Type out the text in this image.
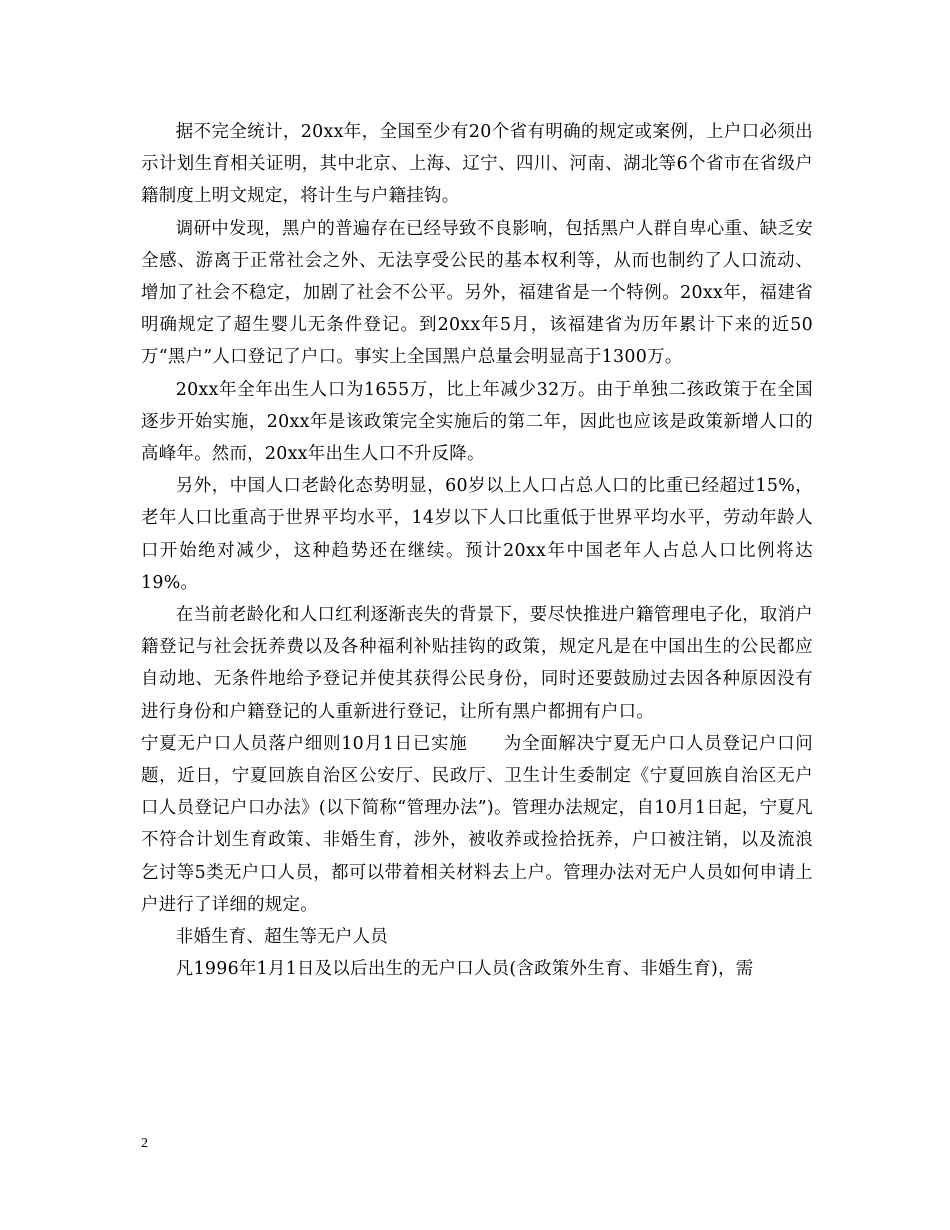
据不完全统计，20xx年，全国至少有20个省有明确的规定或案例，上户口必须出示计划生育相关证明，其中北京、上海、辽宁、四川、河南、湖北等6个省市在省级户籍制度上明文规定，将计生与户籍挂钩。

调研中发现，黑户的普遍存在已经导致不良影响，包括黑户人群自卑心重、缺乏安全感、游离于正常社会之外、无法享受公民的基本权利等，从而也制约了人口流动、增加了社会不稳定，加剧了社会不公平。另外，福建省是一个特例。20xx年，福建省明确规定了超生婴儿无条件登记。到20xx年5月，该福建省为历年累计下来的近50万“黑户”人口登记了户口。事实上全国黑户总量会明显高于1300万。

20xx年全年出生人口为1655万，比上年减少32万。由于单独二孩政策于在全国逐步开始实施，20xx年是该政策完全实施后的第二年，因此也应该是政策新增人口的高峰年。然而，20xx年出生人口不升反降。

另外，中国人口老龄化态势明显，60岁以上人口占总人口的比重已经超过15%，老年人口比重高于世界平均水平，14岁以下人口比重低于世界平均水平，劳动年龄人口开始绝对减少，这种趋势还在继续。预计20xx年中国老年人占总人口比例将达19%。

在当前老龄化和人口红利逐渐丧失的背景下，要尽快推进户籍管理电子化，取消户籍登记与社会抚养费以及各种福利补贴挂钩的政策，规定凡是在中国出生的公民都应自动地、无条件地给予登记并使其获得公民身份，同时还要鼓励过去因各种原因没有进行身份和户籍登记的人重新进行登记，让所有黑户都拥有户口。

宁夏无户口人员落户细则10月1日已实施　　为全面解决宁夏无户口人员登记户口问题，近日，宁夏回族自治区公安厅、民政厅、卫生计生委制定《宁夏回族自治区无户口人员登记户口办法》(以下简称“管理办法”)。管理办法规定，自10月1日起，宁夏凡不符合计划生育政策、非婚生育，涉外，被收养或捡拾抚养，户口被注销，以及流浪乞讨等5类无户口人员，都可以带着相关材料去上户。管理办法对无户人员如何申请上户进行了详细的规定。

非婚生育、超生等无户人员

凡1996年1月1日及以后出生的无户口人员(含政策外生育、非婚生育)，需

2
